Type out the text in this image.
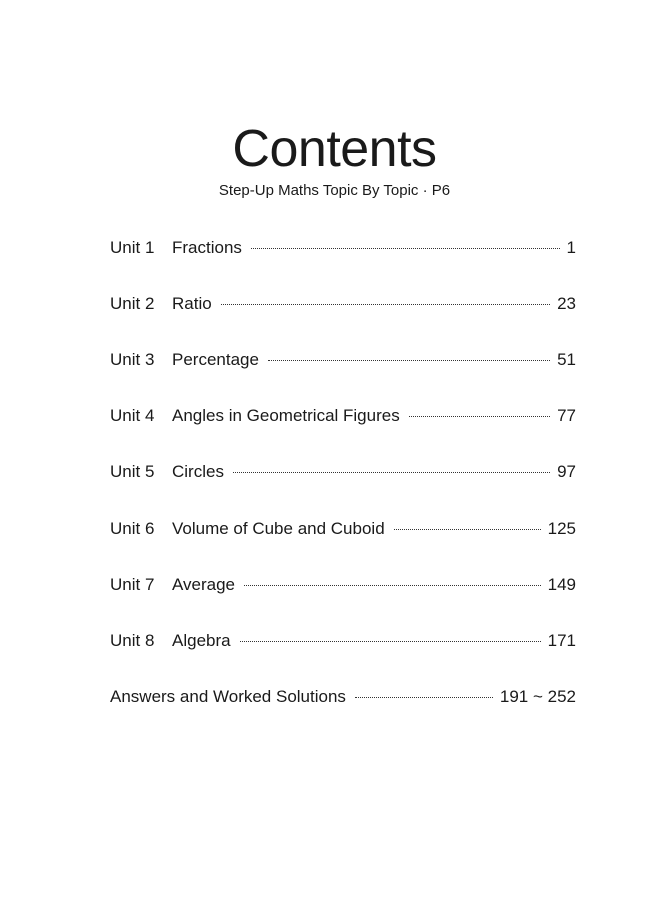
Contents
Step-Up Maths Topic By Topic · P6
Unit 1	Fractions	1
Unit 2	Ratio	23
Unit 3	Percentage	51
Unit 4	Angles in Geometrical Figures	77
Unit 5	Circles	97
Unit 6	Volume of Cube and Cuboid	125
Unit 7	Average	149
Unit 8	Algebra	171
Answers and Worked Solutions	191 ~ 252
